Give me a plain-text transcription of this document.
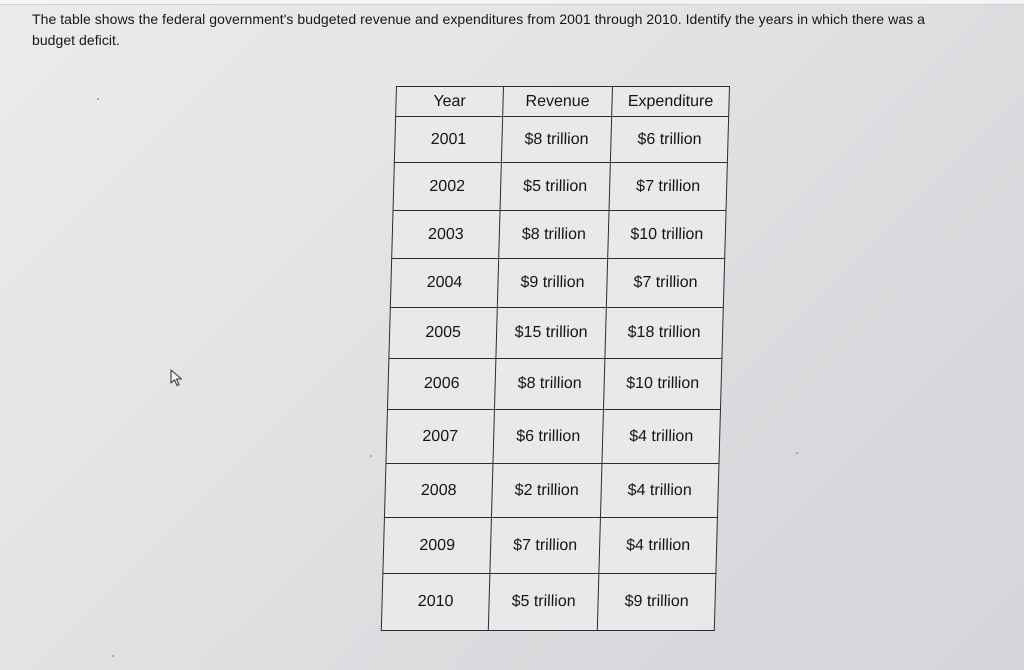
The table shows the federal government's budgeted revenue and expenditures from 2001 through 2010. Identify the years in which there was a
budget deficit.
Year	Revenue	Expenditure
2001	$8 trillion	$6 trillion
2002	$5 trillion	$7 trillion
2003	$8 trillion	$10 trillion
2004	$9 trillion	$7 trillion
2005	$15 trillion	$18 trillion
2006	$8 trillion	$10 trillion
2007	$6 trillion	$4 trillion
2008	$2 trillion	$4 trillion
2009	$7 trillion	$4 trillion
2010	$5 trillion	$9 trillion
